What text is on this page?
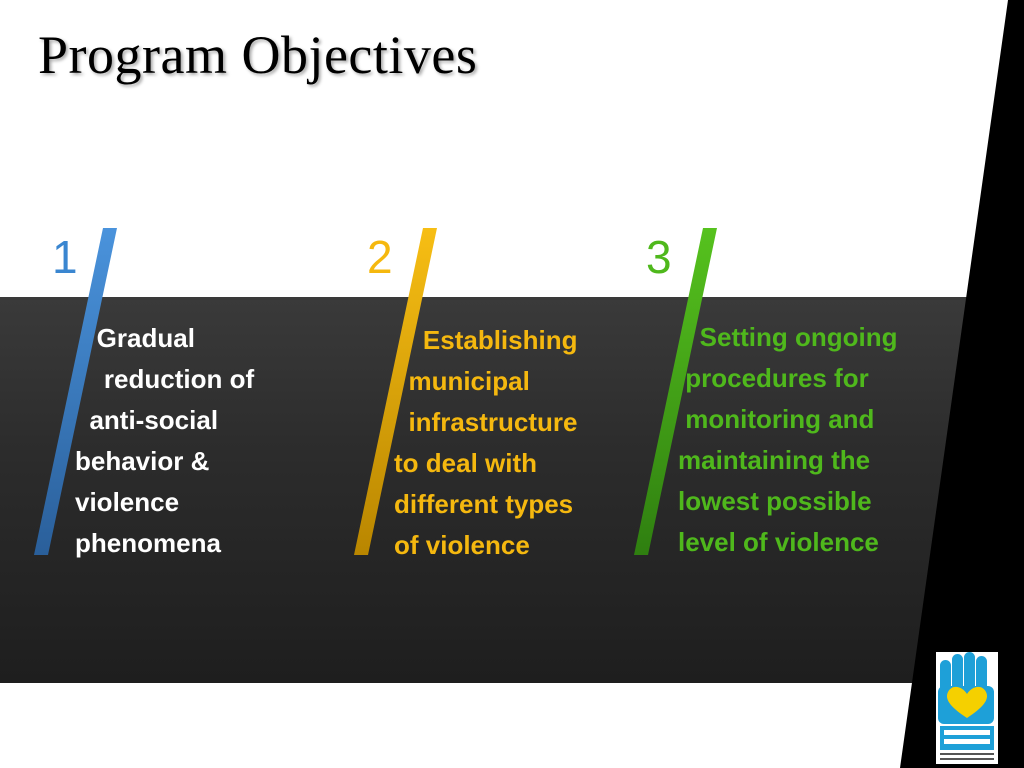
Program Objectives
1

Gradual
reduction of
anti-social
behavior &
violence
phenomena

2

Establishing
municipal
infrastructure
to deal with
different types
of violence

3

Setting ongoing
procedures for
monitoring and
maintaining the
lowest possible
level of violence
